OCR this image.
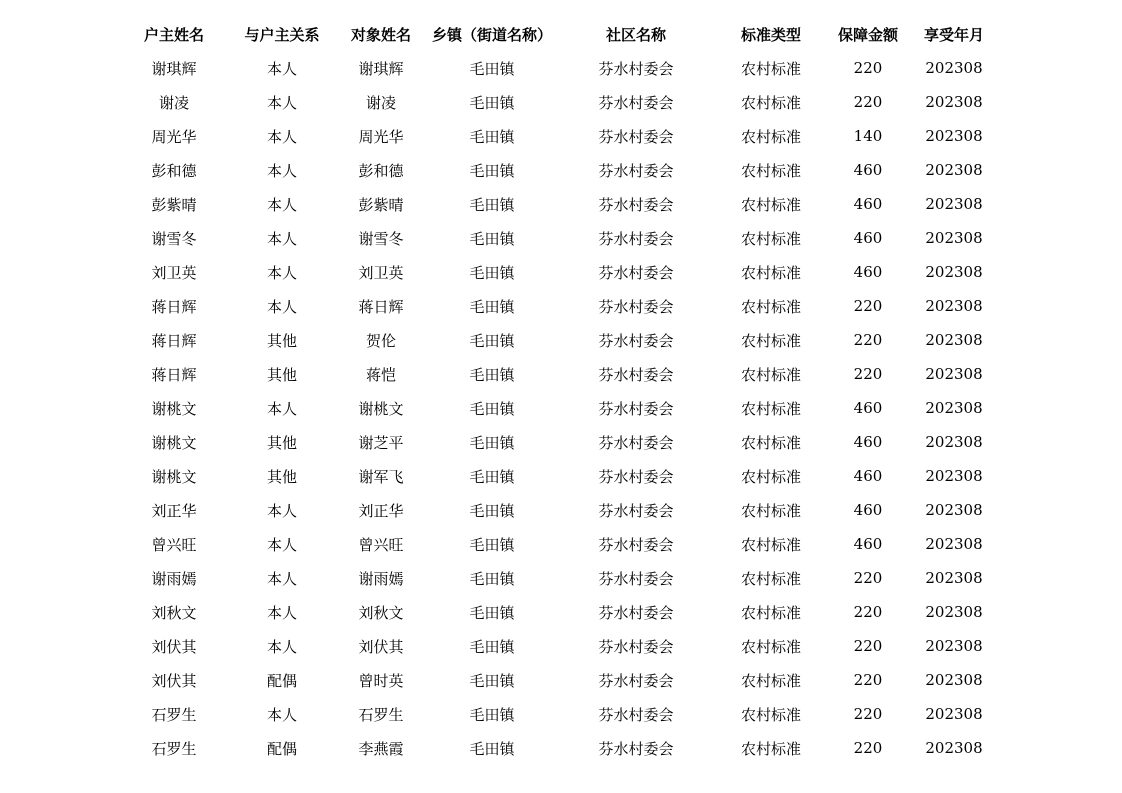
户主姓名	与户主关系	对象姓名	乡镇（街道名称）	社区名称	标准类型	保障金额	享受年月
谢琪辉	本人	谢琪辉	毛田镇	芬水村委会	农村标准	220	202308
谢凌	本人	谢凌	毛田镇	芬水村委会	农村标准	220	202308
周光华	本人	周光华	毛田镇	芬水村委会	农村标准	140	202308
彭和德	本人	彭和德	毛田镇	芬水村委会	农村标准	460	202308
彭紫晴	本人	彭紫晴	毛田镇	芬水村委会	农村标准	460	202308
谢雪冬	本人	谢雪冬	毛田镇	芬水村委会	农村标准	460	202308
刘卫英	本人	刘卫英	毛田镇	芬水村委会	农村标准	460	202308
蒋日辉	本人	蒋日辉	毛田镇	芬水村委会	农村标准	220	202308
蒋日辉	其他	贺伦	毛田镇	芬水村委会	农村标准	220	202308
蒋日辉	其他	蒋恺	毛田镇	芬水村委会	农村标准	220	202308
谢桃文	本人	谢桃文	毛田镇	芬水村委会	农村标准	460	202308
谢桃文	其他	谢芝平	毛田镇	芬水村委会	农村标准	460	202308
谢桃文	其他	谢军飞	毛田镇	芬水村委会	农村标准	460	202308
刘正华	本人	刘正华	毛田镇	芬水村委会	农村标准	460	202308
曾兴旺	本人	曾兴旺	毛田镇	芬水村委会	农村标准	460	202308
谢雨嫣	本人	谢雨嫣	毛田镇	芬水村委会	农村标准	220	202308
刘秋文	本人	刘秋文	毛田镇	芬水村委会	农村标准	220	202308
刘伏其	本人	刘伏其	毛田镇	芬水村委会	农村标准	220	202308
刘伏其	配偶	曾时英	毛田镇	芬水村委会	农村标准	220	202308
石罗生	本人	石罗生	毛田镇	芬水村委会	农村标准	220	202308
石罗生	配偶	李燕霞	毛田镇	芬水村委会	农村标准	220	202308
